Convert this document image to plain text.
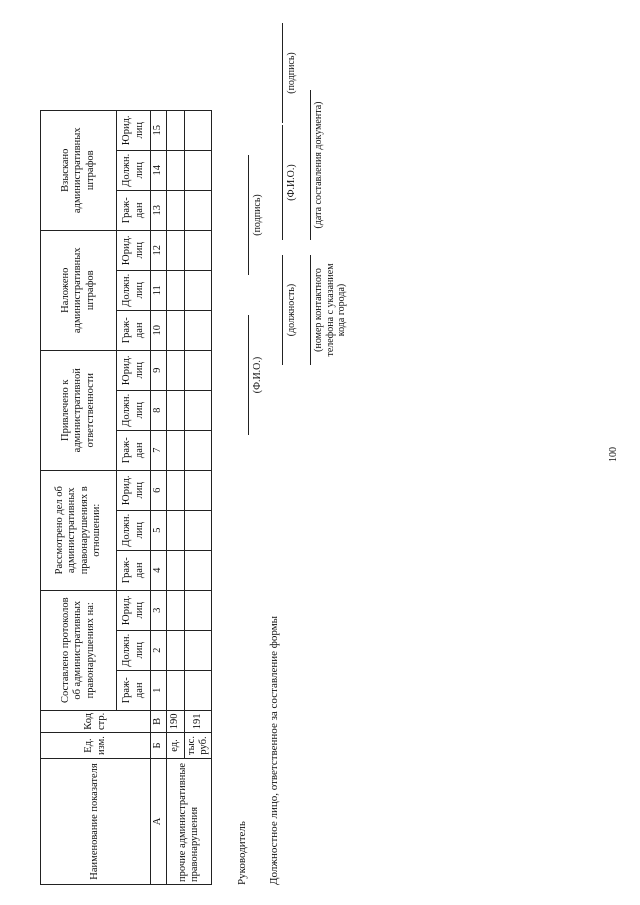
Наименование показателя	Ед. изм.	Код стр.	Составлено протоколов об административных правонарушениях на:			Рассмотрено дел об административных правонарушениях в отношении:			Привлечено к административной ответственности			Наложено административных штрафов			Взыскано административных штрафов		
			Граж-дан	Должн. лиц	Юрид. лиц	Граж-дан	Должн. лиц	Юрид. лиц	Граж-дан	Должн. лиц	Юрид. лиц	Граж-дан	Должн. лиц	Юрид. лиц	Граж-дан	Должн. лиц	Юрид. лиц
А	Б	В	1	2	3	4	5	6	7	8	9	10	11	12	13	14	15
прочие административные правонарушения	ед.	190															
	тыс. руб.	191															
Руководитель
(Ф.И.О.)
(подпись)
Должностное лицо, ответственное за составление формы
(должность)
(Ф.И.О.)
(подпись)
(номер контактного телефона с указанием кода города)
(дата составления документа)
100
